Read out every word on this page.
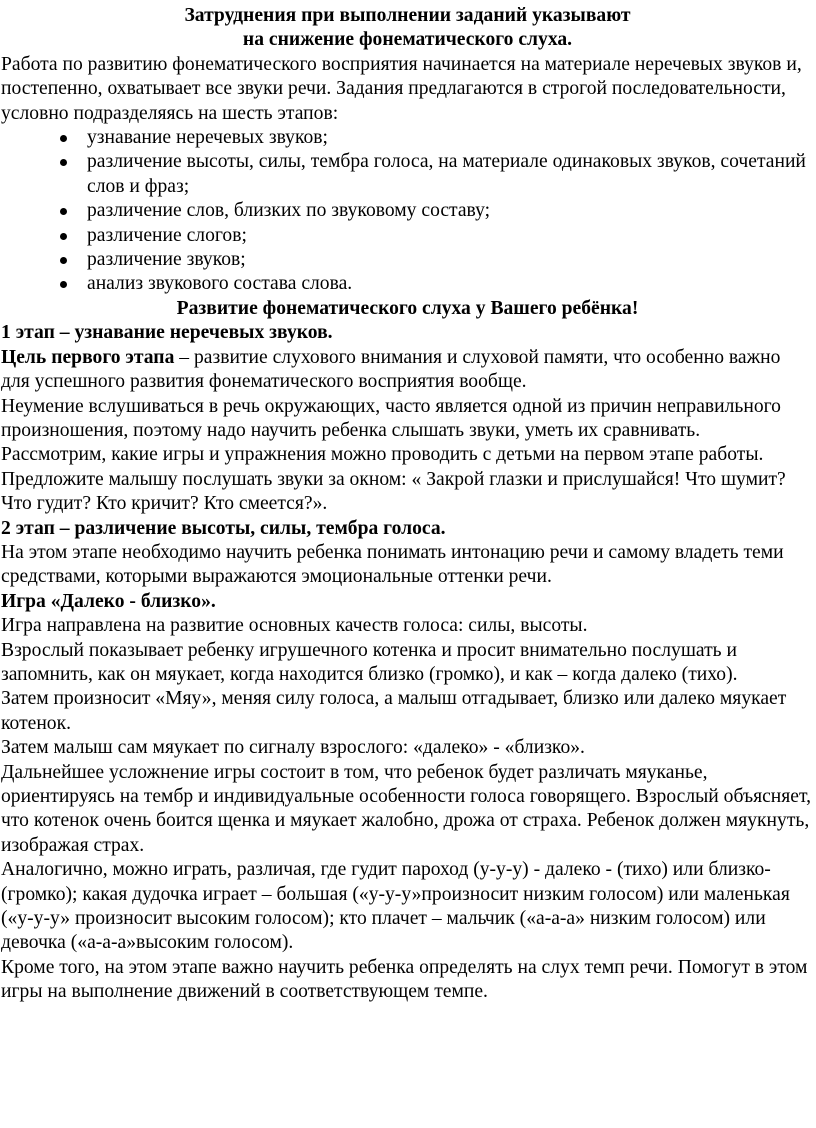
Затруднения при выполнении заданий указывают

на снижение фонематического слуха.

Работа по развитию фонематического восприятия начинается на материале неречевых звуков и, постепенно, охватывает все звуки речи. Задания предлагаются в строгой последовательности, условно подразделяясь на шесть этапов:

узнавание неречевых звуков;
различение высоты, силы, тембра голоса, на материале одинаковых звуков, сочетаний слов и фраз;
различение слов, близких по звуковому составу;
различение слогов;
различение звуков;
анализ звукового состава слова.

Развитие фонематического слуха у Вашего ребёнка!

1 этап – узнавание неречевых звуков.

Цель первого этапа – развитие слухового внимания и слуховой памяти, что особенно важно для успешного развития фонематического восприятия вообще.

Неумение вслушиваться в речь окружающих, часто является одной из причин неправильного произношения, поэтому надо научить ребенка слышать звуки, уметь их сравнивать.

Рассмотрим, какие игры и упражнения можно проводить с детьми на первом этапе работы.

Предложите малышу послушать звуки за окном: « Закрой глазки и прислушайся! Что шумит? Что гудит? Кто кричит? Кто смеется?».

2 этап – различение высоты, силы, тембра голоса.

На этом этапе необходимо научить ребенка понимать интонацию речи и самому владеть теми средствами, которыми выражаются эмоциональные оттенки речи.

Игра «Далеко - близко».

Игра направлена на развитие основных качеств голоса: силы, высоты.

Взрослый показывает ребенку игрушечного котенка и просит внимательно послушать и запомнить, как он мяукает, когда находится близко (громко), и как – когда далеко (тихо).

Затем произносит «Мяу», меняя силу голоса, а малыш отгадывает, близко или далеко мяукает котенок.

Затем малыш сам мяукает по сигналу взрослого: «далеко» - «близко».

Дальнейшее усложнение игры состоит в том, что ребенок будет различать мяуканье, ориентируясь на тембр и индивидуальные особенности голоса говорящего. Взрослый объясняет, что котенок очень боится щенка и мяукает жалобно, дрожа от страха. Ребенок должен мяукнуть, изображая страх.

Аналогично, можно играть, различая, где гудит пароход (у-у-у) - далеко - (тихо) или близко- (громко); какая дудочка играет – большая («у-у-у»произносит низким голосом) или маленькая («у-у-у» произносит высоким голосом); кто плачет – мальчик («а-а-а» низким голосом) или девочка («а-а-а»высоким голосом).

Кроме того, на этом этапе важно научить ребенка определять на слух темп речи. Помогут в этом игры на выполнение движений в соответствующем темпе.
